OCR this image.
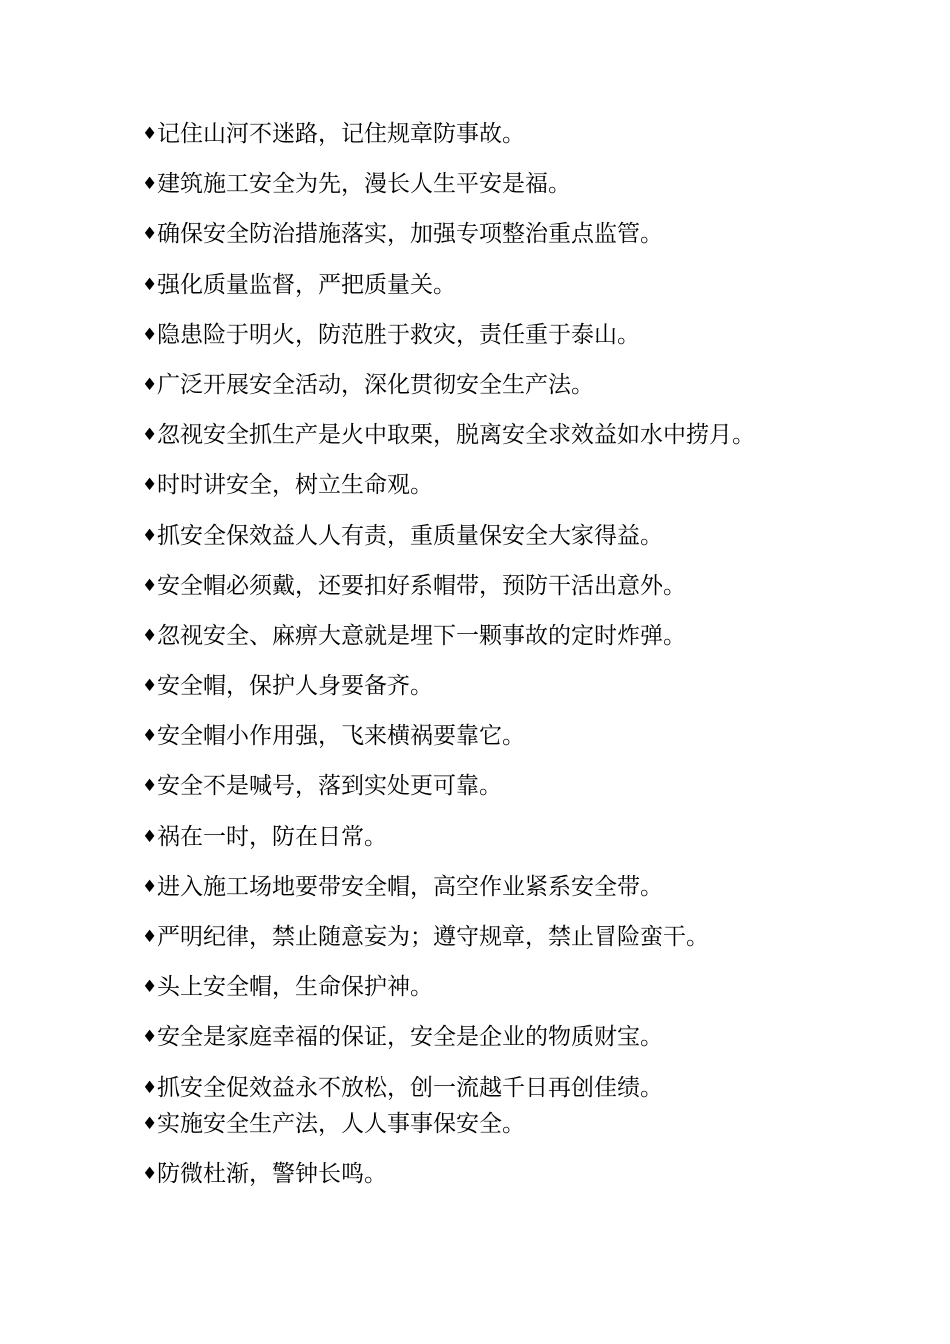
♦ 记住山河不迷路，记住规章防事故。
♦ 建筑施工安全为先，漫长人生平安是福。
♦ 确保安全防治措施落实，加强专项整治重点监管。
♦ 强化质量监督，严把质量关。
♦ 隐患险于明火，防范胜于救灾，责任重于泰山。
♦ 广泛开展安全活动，深化贯彻安全生产法。
♦ 忽视安全抓生产是火中取栗，脱离安全求效益如水中捞月。
♦ 时时讲安全，树立生命观。
♦ 抓安全保效益人人有责，重质量保安全大家得益。
♦ 安全帽必须戴，还要扣好系帽带，预防干活出意外。
♦ 忽视安全、麻痹大意就是埋下一颗事故的定时炸弹。
♦ 安全帽，保护人身要备齐。
♦ 安全帽小作用强，飞来横祸要靠它。
♦ 安全不是喊号，落到实处更可靠。
♦ 祸在一时，防在日常。
♦ 进入施工场地要带安全帽，高空作业紧系安全带。
♦ 严明纪律，禁止随意妄为；遵守规章，禁止冒险蛮干。
♦ 头上安全帽，生命保护神。
♦ 安全是家庭幸福的保证，安全是企业的物质财宝。
♦ 抓安全促效益永不放松，创一流越千日再创佳绩。
♦ 实施安全生产法，人人事事保安全。
♦ 防微杜渐，警钟长鸣。
